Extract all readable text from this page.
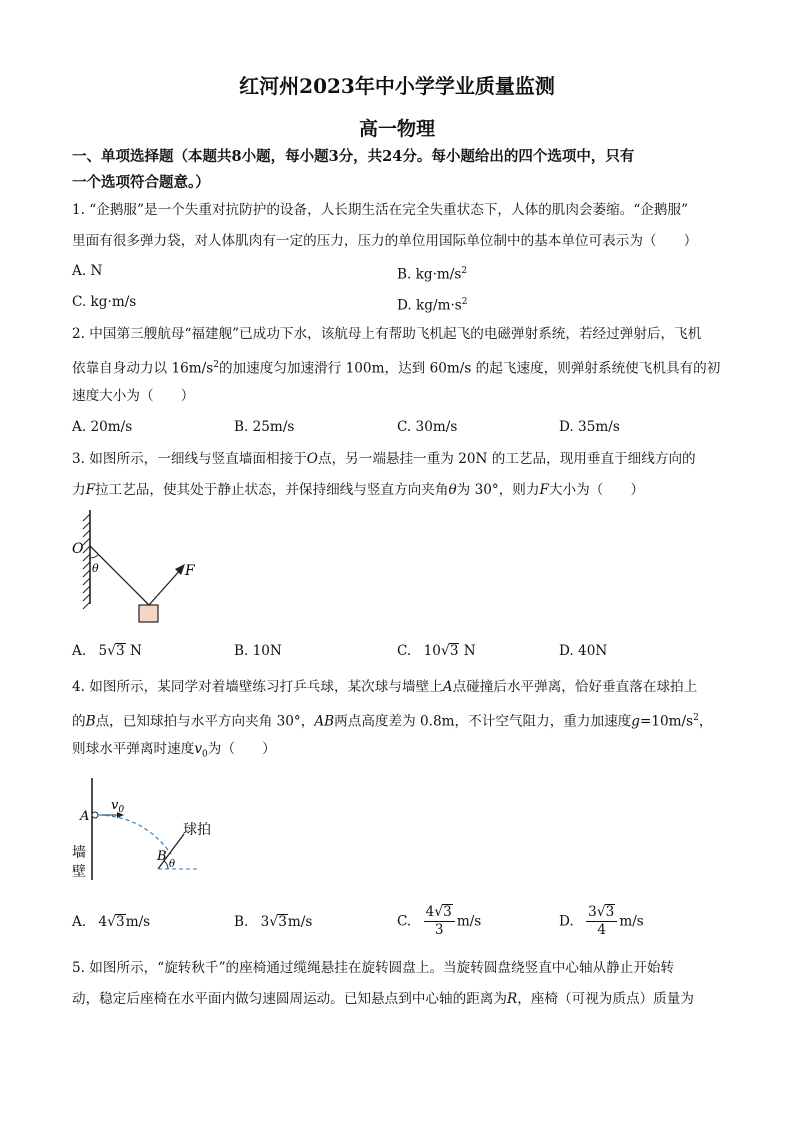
红河州2023年中小学学业质量监测
高一物理
一、单项选择题（本题共8小题，每小题3分，共24分。每小题给出的四个选项中，只有
一个选项符合题意。）
1. “企鹅服”是一个失重对抗防护的设备，人长期生活在完全失重状态下，人体的肌肉会萎缩。“企鹅服”
里面有很多弹力袋，对人体肌肉有一定的压力，压力的单位用国际单位制中的基本单位可表示为（　　）
A. N	B. $kg\cdot m/s^2$
C. kg·m/s	D. $kg/m\cdot s^2$
2. 中国第三艘航母“福建舰”已成功下水，该航母上有帮助飞机起飞的电磁弹射系统，若经过弹射后，飞机
依靠自身动力以 $16m/s^2$的加速度匀加速滑行 100m，达到 60m/s 的起飞速度，则弹射系统使飞机具有的初
速度大小为（　　）
A. 20m/s	B. 25m/s	C. 30m/s	D. 35m/s
3. 如图所示，一细线与竖直墙面相接于O点，另一端悬挂一重为 20N 的工艺品，现用垂直于细线方向的
力F拉工艺品，使其处于静止状态，并保持细线与竖直方向夹角θ为 30°，则力F大小为（　　）
O
θ	F
A. 5√3 N	B. 10N	C. 10√3 N	D. 40N
4. 如图所示，某同学对着墙壁练习打乒乓球，某次球与墙壁上A点碰撞后水平弹离，恰好垂直落在球拍上
的B点，已知球拍与水平方向夹角 30°，AB两点高度差为 0.8m，不计空气阻力，重力加速度$g=10m/s^2$，
则球水平弹离时速度$v_0$为（　　）
$v_0$
A
B
θ
球拍
墙
壁
A. 4√3m/s	B. 3√3m/s	C. $\frac{4√3}{3} m/s$	D. $\frac{3√3}{4} m/s$
5. 如图所示，“旋转秋千”的座椅通过缆绳悬挂在旋转圆盘上。当旋转圆盘绕竖直中心轴从静止开始转
动，稳定后座椅在水平面内做匀速圆周运动。已知悬点到中心轴的距离为R，座椅（可视为质点）质量为
